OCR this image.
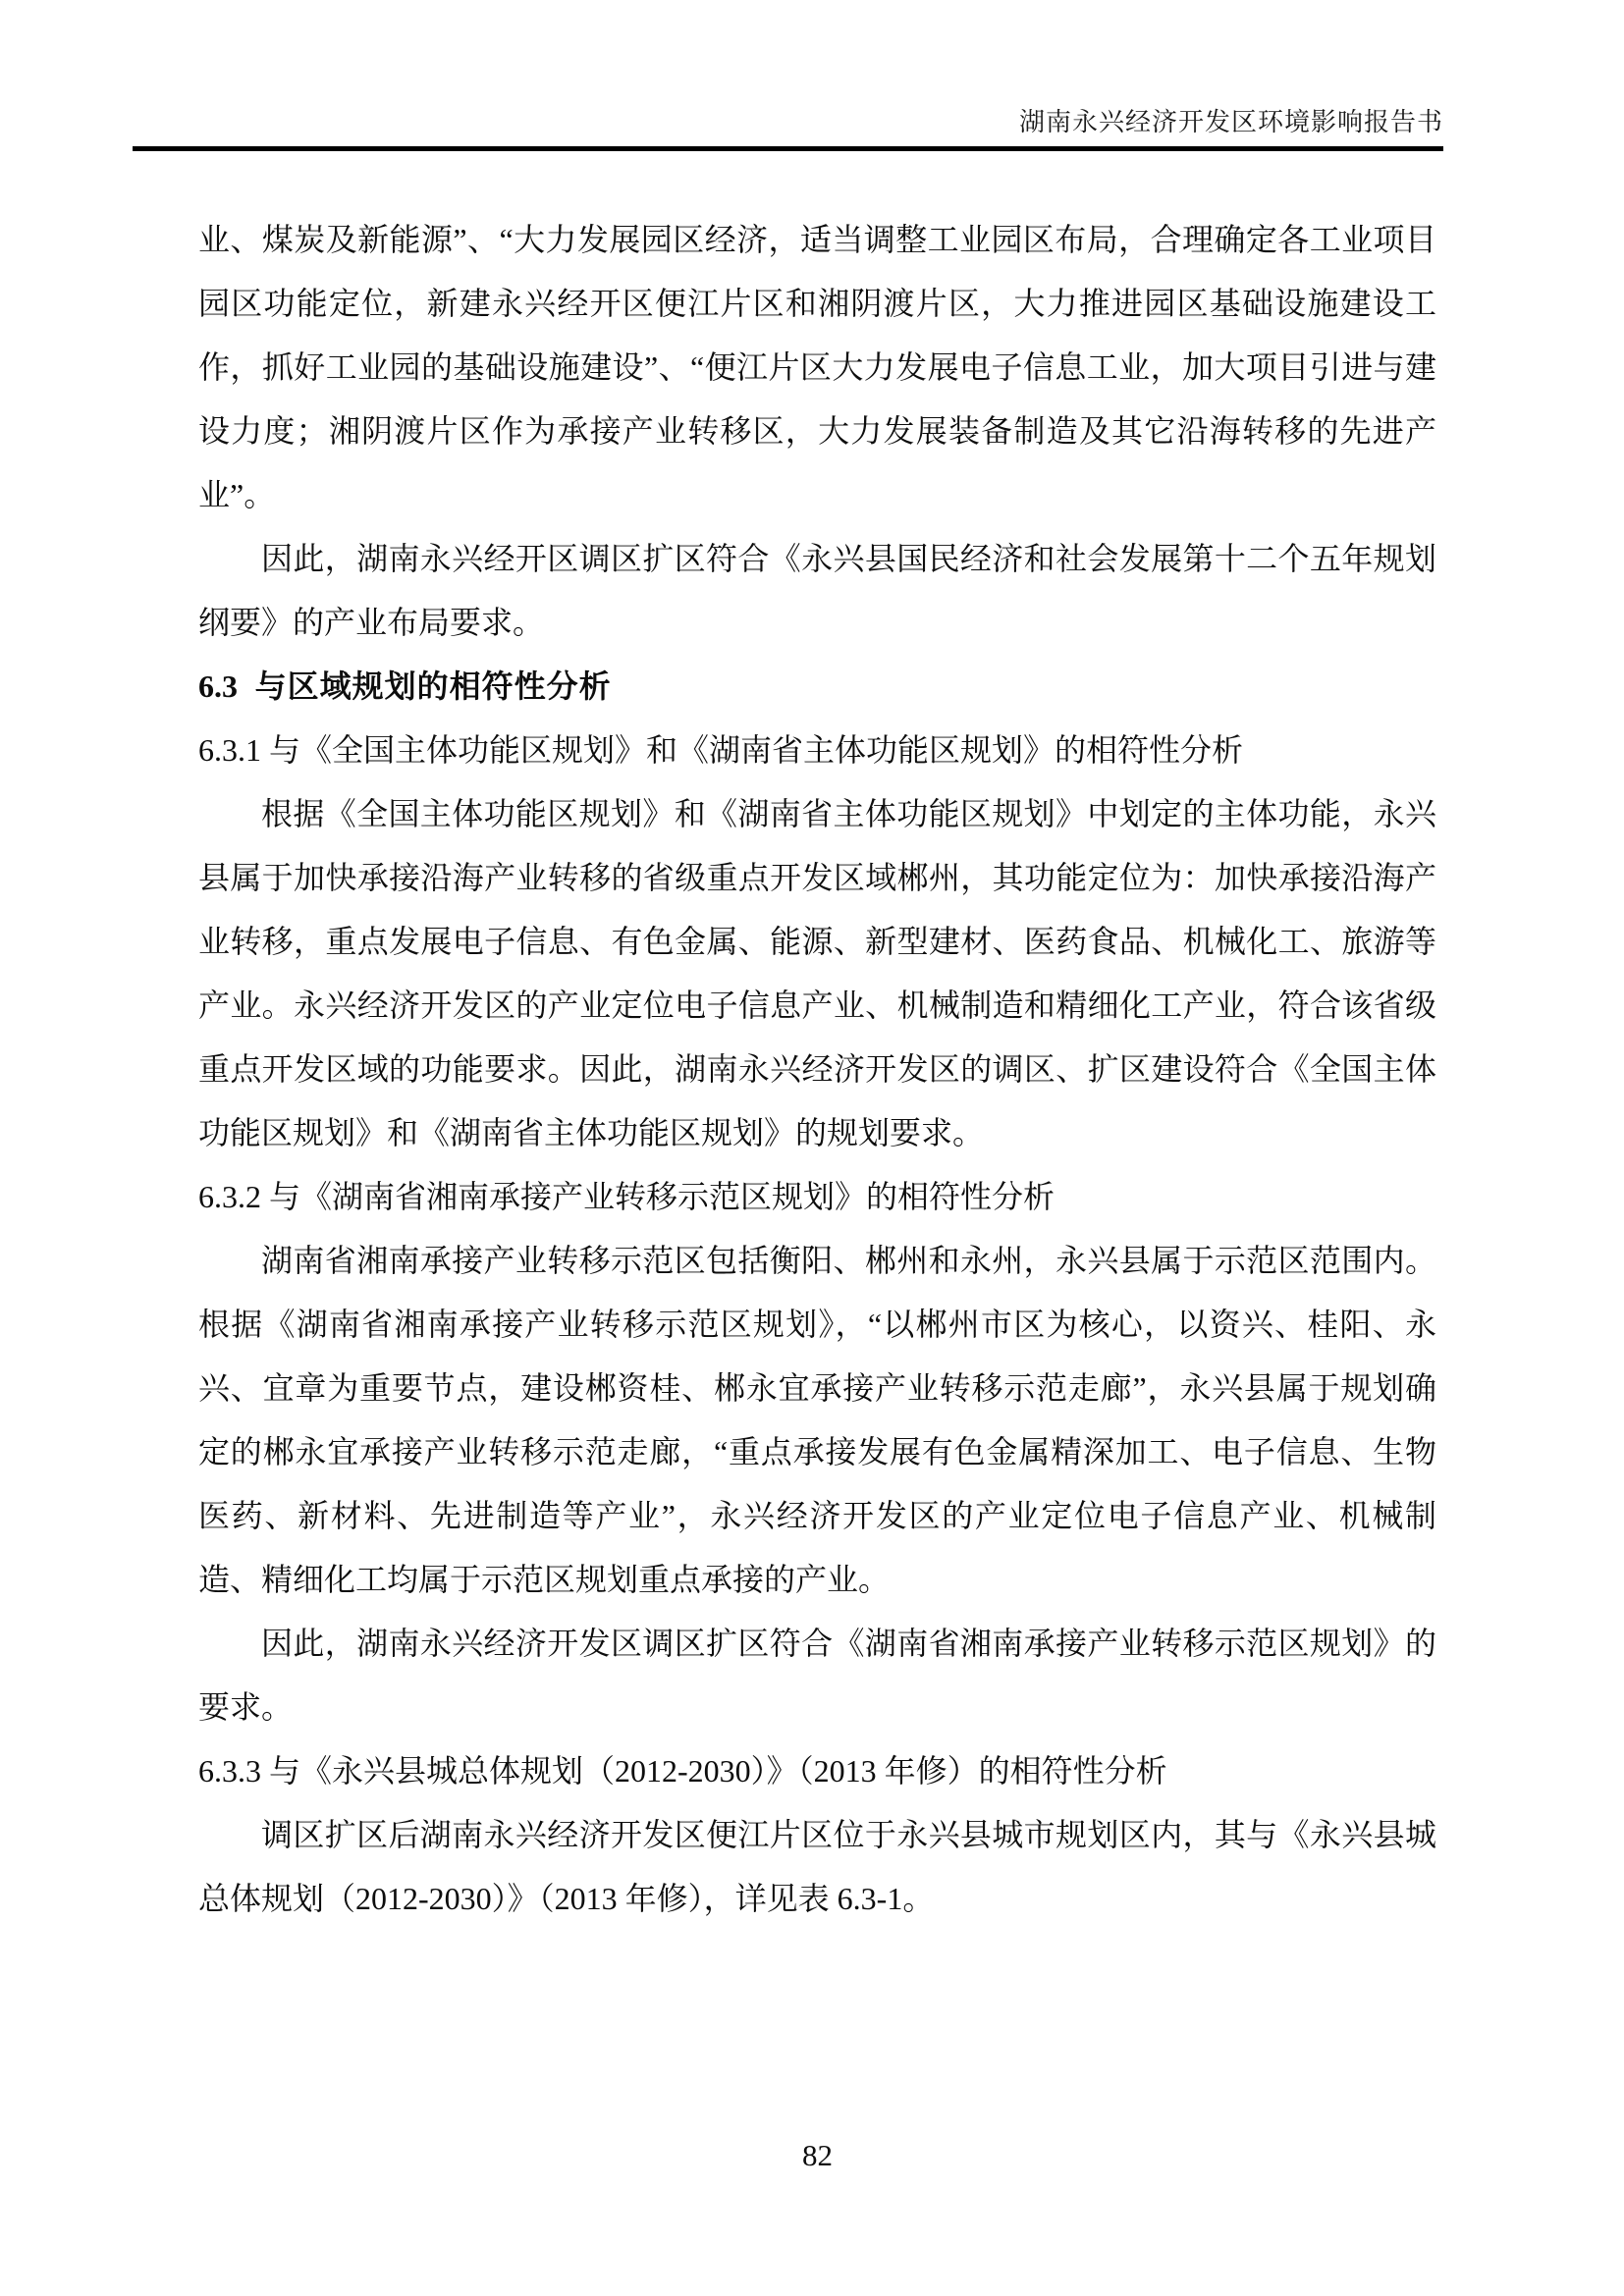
湖南永兴经济开发区环境影响报告书

业、煤炭及新能源”、“大力发展园区经济，适当调整工业园区布局，合理确定各工业项目园区功能定位，新建永兴经开区便江片区和湘阴渡片区，大力推进园区基础设施建设工作，抓好工业园的基础设施建设”、“便江片区大力发展电子信息工业，加大项目引进与建设力度；湘阴渡片区作为承接产业转移区，大力发展装备制造及其它沿海转移的先进产业”。

因此，湖南永兴经开区调区扩区符合《永兴县国民经济和社会发展第十二个五年规划纲要》的产业布局要求。

6.3 与区域规划的相符性分析
6.3.1 与《全国主体功能区规划》和《湖南省主体功能区规划》的相符性分析

根据《全国主体功能区规划》和《湖南省主体功能区规划》中划定的主体功能，永兴县属于加快承接沿海产业转移的省级重点开发区域郴州，其功能定位为：加快承接沿海产业转移，重点发展电子信息、有色金属、能源、新型建材、医药食品、机械化工、旅游等产业。永兴经济开发区的产业定位电子信息产业、机械制造和精细化工产业，符合该省级重点开发区域的功能要求。因此，湖南永兴经济开发区的调区、扩区建设符合《全国主体功能区规划》和《湖南省主体功能区规划》的规划要求。

6.3.2 与《湖南省湘南承接产业转移示范区规划》的相符性分析

湖南省湘南承接产业转移示范区包括衡阳、郴州和永州，永兴县属于示范区范围内。根据《湖南省湘南承接产业转移示范区规划》，“以郴州市区为核心，以资兴、桂阳、永兴、宜章为重要节点，建设郴资桂、郴永宜承接产业转移示范走廊”，永兴县属于规划确定的郴永宜承接产业转移示范走廊，“重点承接发展有色金属精深加工、电子信息、生物医药、新材料、先进制造等产业”，永兴经济开发区的产业定位电子信息产业、机械制造、精细化工均属于示范区规划重点承接的产业。

因此，湖南永兴经济开发区调区扩区符合《湖南省湘南承接产业转移示范区规划》的要求。

6.3.3 与《永兴县城总体规划（2012-2030）》（2013 年修）的相符性分析

调区扩区后湖南永兴经济开发区便江片区位于永兴县城市规划区内，其与《永兴县城总体规划（2012-2030）》（2013 年修），详见表 6.3-1。

82
